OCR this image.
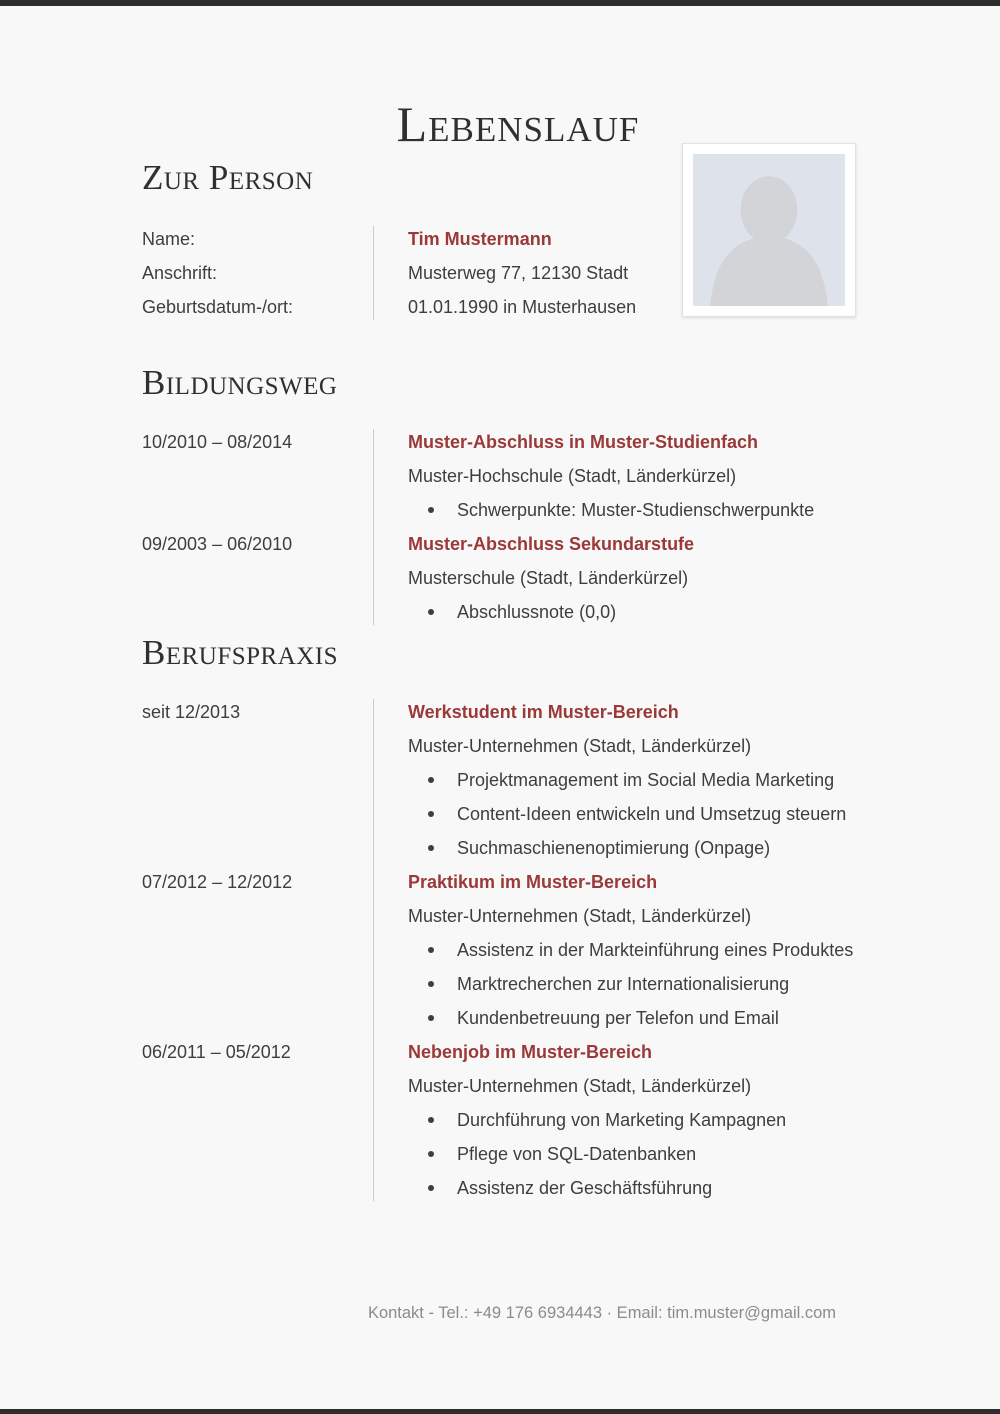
Lebenslauf
Zur Person
Name:	Tim Mustermann
Anschrift:	Musterweg 77, 12130 Stadt
Geburtsdatum-/ort:	01.01.1990 in Musterhausen
Bildungsweg
10/2010 – 08/2014	Muster-Abschluss in Muster-Studienfach
Muster-Hochschule (Stadt, Länderkürzel)
Schwerpunkte: Muster-Studienschwerpunkte
09/2003 – 06/2010	Muster-Abschluss Sekundarstufe
Musterschule (Stadt, Länderkürzel)
Abschlussnote (0,0)
Berufspraxis
seit 12/2013	Werkstudent im Muster-Bereich
Muster-Unternehmen (Stadt, Länderkürzel)
Projektmanagement im Social Media Marketing
Content-Ideen entwickeln und Umsetzug steuern
Suchmaschienenoptimierung (Onpage)
07/2012 – 12/2012	Praktikum im Muster-Bereich
Muster-Unternehmen (Stadt, Länderkürzel)
Assistenz in der Markteinführung eines Produktes
Marktrecherchen zur Internationalisierung
Kundenbetreuung per Telefon und Email
06/2011 – 05/2012	Nebenjob im Muster-Bereich
Muster-Unternehmen (Stadt, Länderkürzel)
Durchführung von Marketing Kampagnen
Pflege von SQL-Datenbanken
Assistenz der Geschäftsführung
Kontakt - Tel.: +49 176 6934443 · Email: tim.muster@gmail.com
